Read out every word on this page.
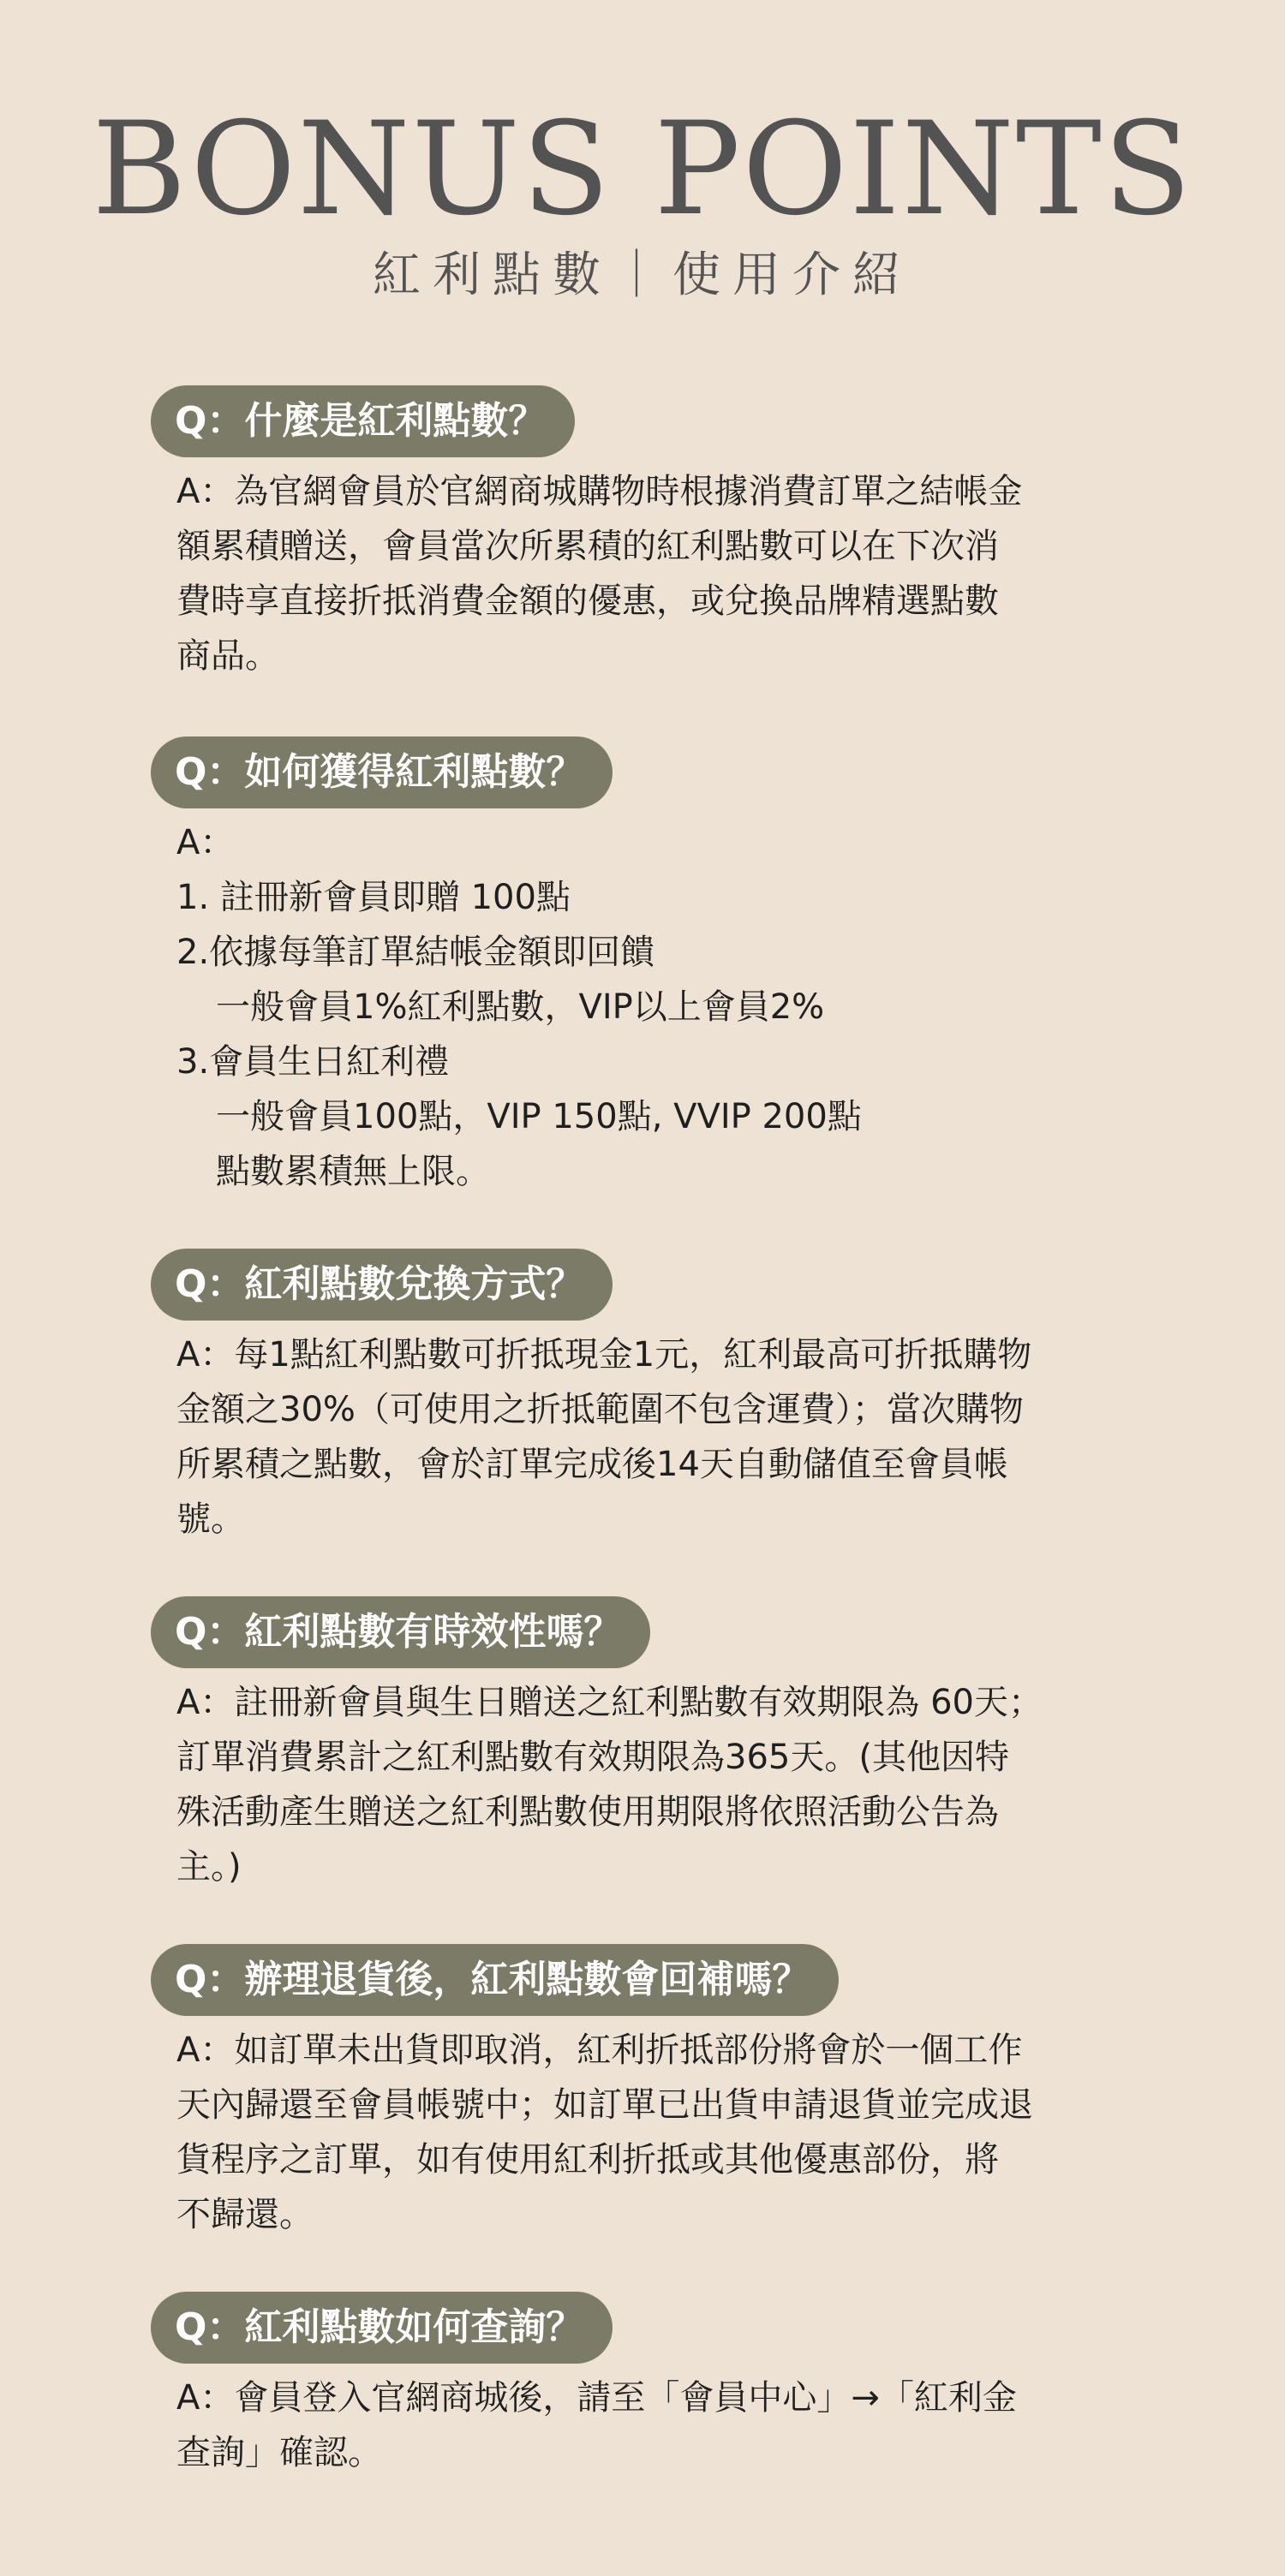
BONUS POINTS
紅利點數｜使用介紹
Q：什麼是紅利點數？
A：為官網會員於官網商城購物時根據消費訂單之結帳金
額累積贈送，會員當次所累積的紅利點數可以在下次消
費時享直接折抵消費金額的優惠，或兌換品牌精選點數
商品。
Q：如何獲得紅利點數？
A：
1. 註冊新會員即贈 100點
2.依據每筆訂單結帳金額即回饋
一般會員1%紅利點數，VIP以上會員2%
3.會員生日紅利禮
一般會員100點，VIP 150點, VVIP 200點
點數累積無上限。
Q：紅利點數兌換方式？
A：每1點紅利點數可折抵現金1元，紅利最高可折抵購物
金額之30%（可使用之折抵範圍不包含運費）；當次購物
所累積之點數，會於訂單完成後14天自動儲值至會員帳
號。
Q：紅利點數有時效性嗎？
A：註冊新會員與生日贈送之紅利點數有效期限為 60天；
訂單消費累計之紅利點數有效期限為365天。(其他因特
殊活動產生贈送之紅利點數使用期限將依照活動公告為
主。)
Q：辦理退貨後，紅利點數會回補嗎？
A：如訂單未出貨即取消，紅利折抵部份將會於一個工作
天內歸還至會員帳號中；如訂單已出貨申請退貨並完成退
貨程序之訂單，如有使用紅利折抵或其他優惠部份，將
不歸還。
Q：紅利點數如何查詢？
A：會員登入官網商城後，請至「會員中心」→「紅利金
查詢」確認。
